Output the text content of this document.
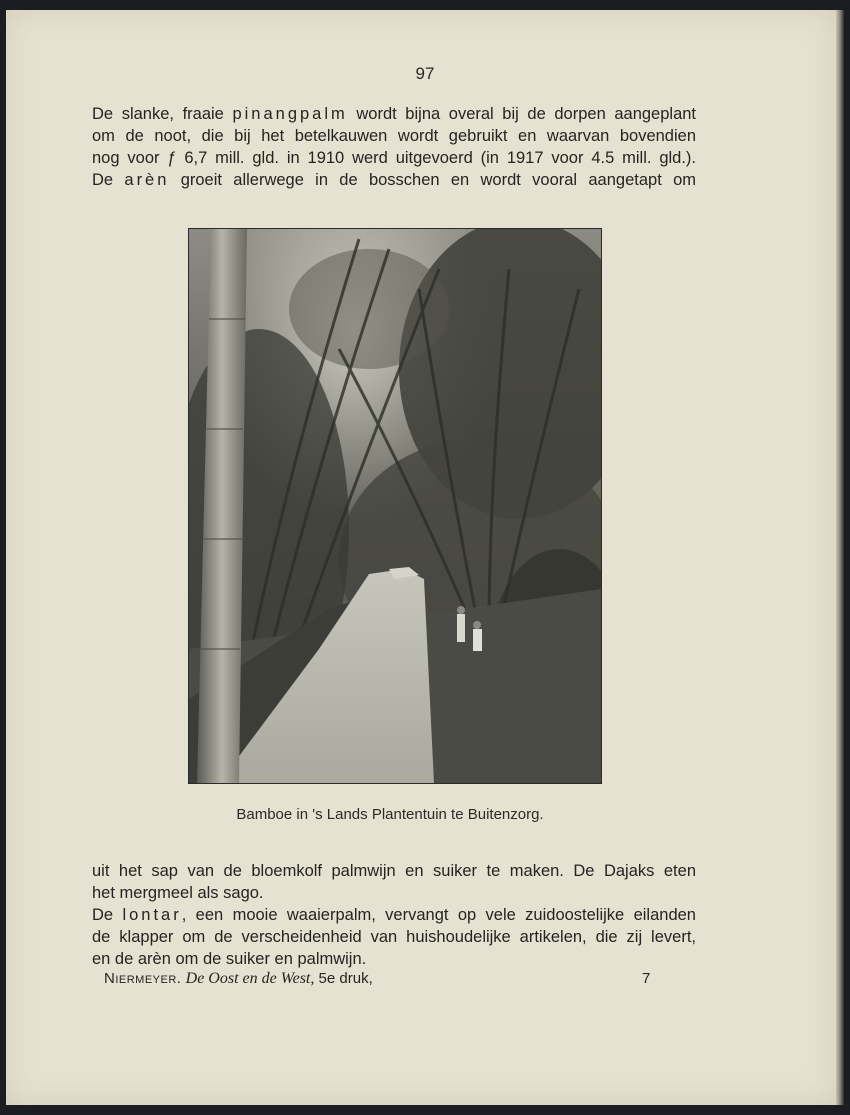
97
De slanke, fraaie pinangpalm wordt bijna overal bij de dorpen aangeplant
om de noot, die bij het betelkauwen wordt gebruikt en waarvan bovendien
nog voor ƒ 6,7 mill. gld. in 1910 werd uitgevoerd (in 1917 voor 4.5 mill. gld.).
De arèn groeit allerwege in de bosschen en wordt vooral aangetapt om
Bamboe in 's Lands Plantentuin te Buitenzorg.
uit het sap van de bloemkolf palmwijn en suiker te maken. De Dajaks eten
het mergmeel als sago.
De lontar, een mooie waaierpalm, vervangt op vele zuidoostelijke eilanden
de klapper om de verscheidenheid van huishoudelijke artikelen, die zij levert,
en de arèn om de suiker en palmwijn.
Niermeyer. De Oost en de West, 5e druk,	7
